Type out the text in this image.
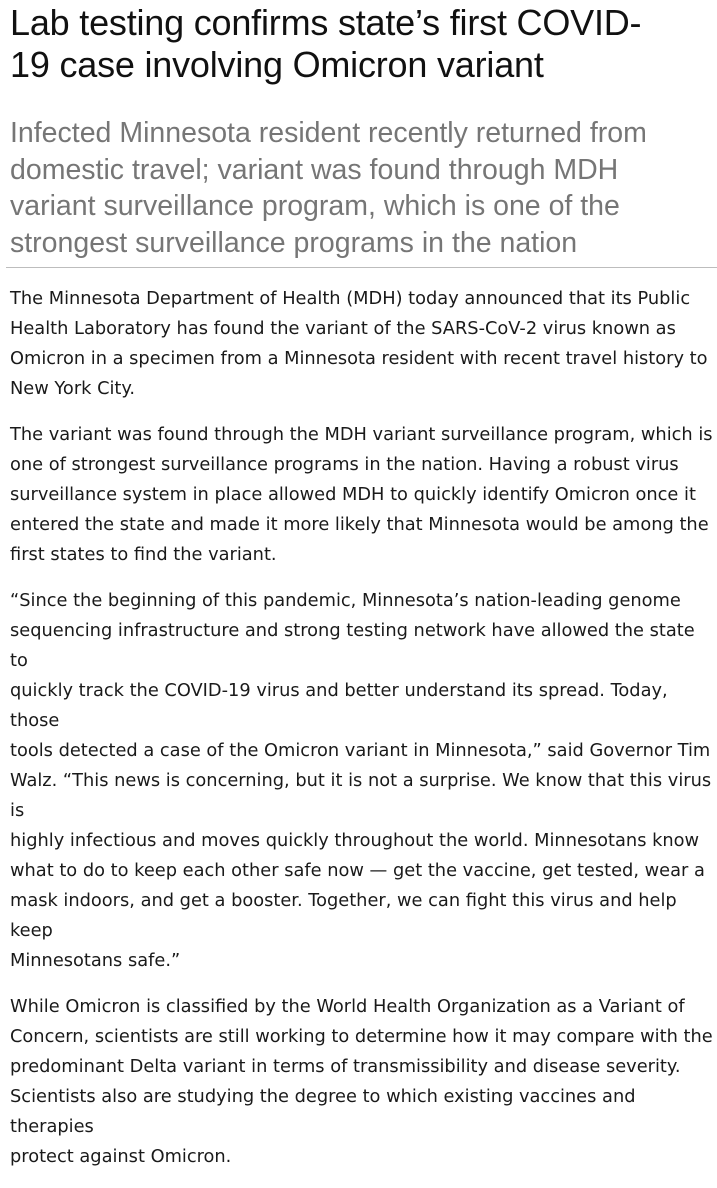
Lab testing confirms state’s first COVID-
19 case involving Omicron variant
Infected Minnesota resident recently returned from
domestic travel; variant was found through MDH
variant surveillance program, which is one of the
strongest surveillance programs in the nation

The Minnesota Department of Health (MDH) today announced that its Public
Health Laboratory has found the variant of the SARS-CoV-2 virus known as
Omicron in a specimen from a Minnesota resident with recent travel history to
New York City.

The variant was found through the MDH variant surveillance program, which is
one of strongest surveillance programs in the nation. Having a robust virus
surveillance system in place allowed MDH to quickly identify Omicron once it
entered the state and made it more likely that Minnesota would be among the
first states to find the variant.

“Since the beginning of this pandemic, Minnesota’s nation-leading genome
sequencing infrastructure and strong testing network have allowed the state to
quickly track the COVID-19 virus and better understand its spread. Today, those
tools detected a case of the Omicron variant in Minnesota,” said Governor Tim
Walz. “This news is concerning, but it is not a surprise. We know that this virus is
highly infectious and moves quickly throughout the world. Minnesotans know
what to do to keep each other safe now — get the vaccine, get tested, wear a
mask indoors, and get a booster. Together, we can fight this virus and help keep
Minnesotans safe.”

While Omicron is classified by the World Health Organization as a Variant of
Concern, scientists are still working to determine how it may compare with the
predominant Delta variant in terms of transmissibility and disease severity.
Scientists also are studying the degree to which existing vaccines and therapies
protect against Omicron.
